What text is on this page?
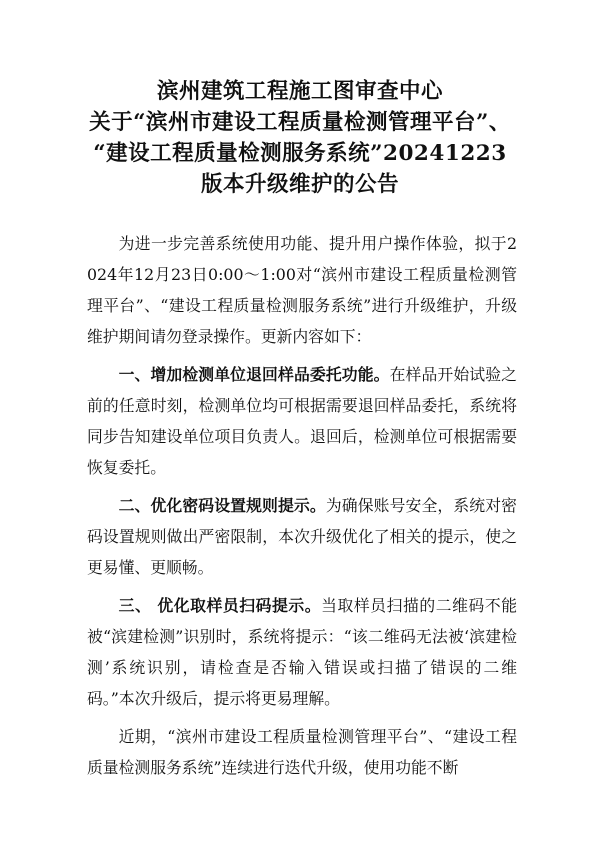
滨州建筑工程施工图审查中心
关于“滨州市建设工程质量检测管理平台”、
“建设工程质量检测服务系统”20241223
版本升级维护的公告

为进一步完善系统使用功能、提升用户操作体验，拟于2024年12月23日0:00～1:00对“滨州市建设工程质量检测管理平台”、“建设工程质量检测服务系统”进行升级维护，升级维护期间请勿登录操作。更新内容如下：

一、增加检测单位退回样品委托功能。在样品开始试验之前的任意时刻，检测单位均可根据需要退回样品委托，系统将同步告知建设单位项目负责人。退回后，检测单位可根据需要恢复委托。

二、优化密码设置规则提示。为确保账号安全，系统对密码设置规则做出严密限制，本次升级优化了相关的提示，使之更易懂、更顺畅。

三、 优化取样员扫码提示。当取样员扫描的二维码不能被“滨建检测”识别时，系统将提示：“该二维码无法被‘滨建检测’系统识别，请检查是否输入错误或扫描了错误的二维码。”本次升级后，提示将更易理解。

近期，“滨州市建设工程质量检测管理平台”、“建设工程质量检测服务系统”连续进行迭代升级，使用功能不断
